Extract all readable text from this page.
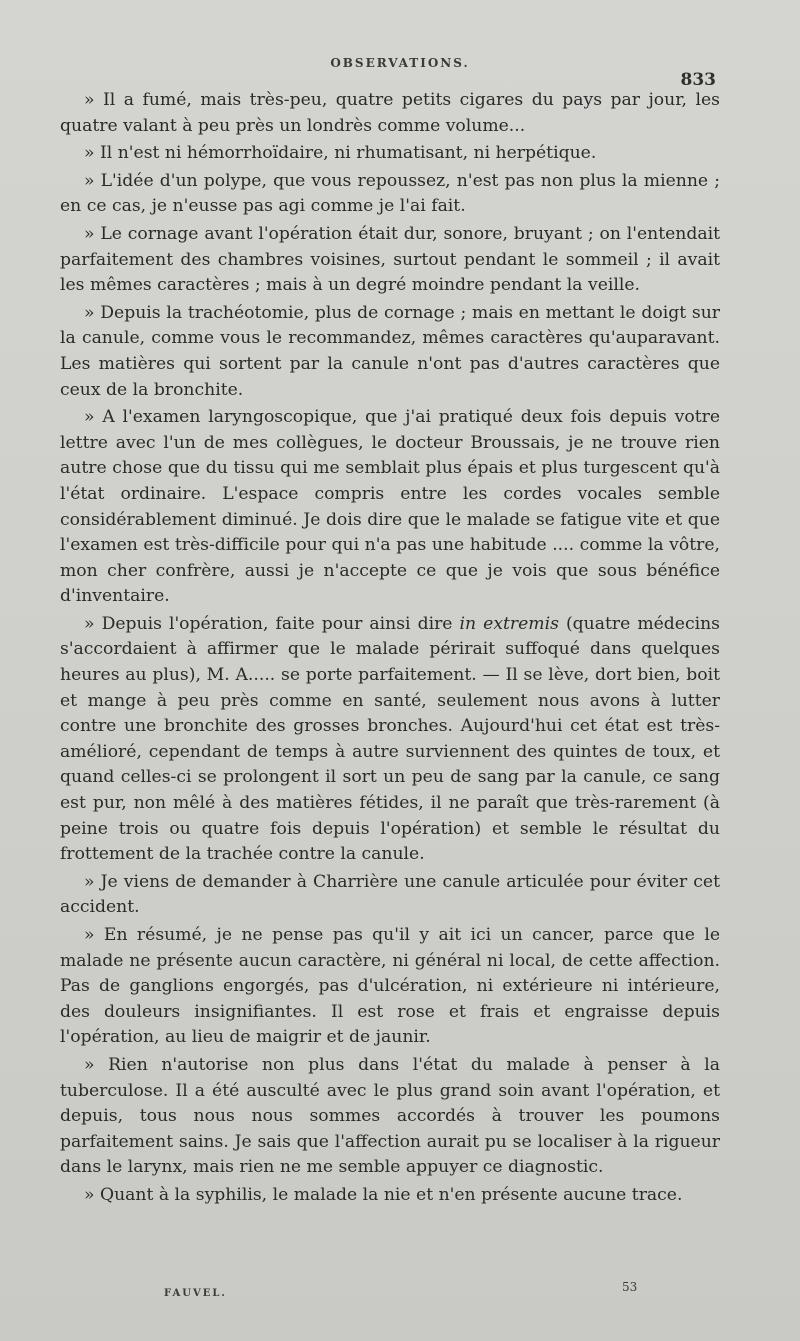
OBSERVATIONS.
833

» Il a fumé, mais très-peu, quatre petits cigares du pays par jour, les quatre valant à peu près un londrès comme volume...

» Il n'est ni hémorrhoïdaire, ni rhumatisant, ni herpétique.

» L'idée d'un polype, que vous repoussez, n'est pas non plus la mienne ; en ce cas, je n'eusse pas agi comme je l'ai fait.

» Le cornage avant l'opération était dur, sonore, bruyant ; on l'entendait parfaitement des chambres voisines, surtout pendant le sommeil ; il avait les mêmes caractères ; mais à un degré moindre pendant la veille.

» Depuis la trachéotomie, plus de cornage ; mais en mettant le doigt sur la canule, comme vous le recommandez, mêmes caractères qu'auparavant. Les matières qui sortent par la canule n'ont pas d'autres caractères que ceux de la bronchite.

» A l'examen laryngoscopique, que j'ai pratiqué deux fois depuis votre lettre avec l'un de mes collègues, le docteur Broussais, je ne trouve rien autre chose que du tissu qui me semblait plus épais et plus turgescent qu'à l'état ordinaire. L'espace compris entre les cordes vocales semble considérablement diminué. Je dois dire que le malade se fatigue vite et que l'examen est très-difficile pour qui n'a pas une habitude .... comme la vôtre, mon cher confrère, aussi je n'accepte ce que je vois que sous bénéfice d'inventaire.

» Depuis l'opération, faite pour ainsi dire in extremis (quatre médecins s'accordaient à affirmer que le malade périrait suffoqué dans quelques heures au plus), M. A..... se porte parfaitement. — Il se lève, dort bien, boit et mange à peu près comme en santé, seulement nous avons à lutter contre une bronchite des grosses bronches. Aujourd'hui cet état est très-amélioré, cependant de temps à autre surviennent des quintes de toux, et quand celles-ci se prolongent il sort un peu de sang par la canule, ce sang est pur, non mêlé à des matières fétides, il ne paraît que très-rarement (à peine trois ou quatre fois depuis l'opération) et semble le résultat du frottement de la trachée contre la canule.

» Je viens de demander à Charrière une canule articulée pour éviter cet accident.

» En résumé, je ne pense pas qu'il y ait ici un cancer, parce que le malade ne présente aucun caractère, ni général ni local, de cette affection. Pas de ganglions engorgés, pas d'ulcération, ni extérieure ni intérieure, des douleurs insignifiantes. Il est rose et frais et engraisse depuis l'opération, au lieu de maigrir et de jaunir.

» Rien n'autorise non plus dans l'état du malade à penser à la tuberculose. Il a été ausculté avec le plus grand soin avant l'opération, et depuis, tous nous nous sommes accordés à trouver les poumons parfaitement sains. Je sais que l'affection aurait pu se localiser à la rigueur dans le larynx, mais rien ne me semble appuyer ce diagnostic.

» Quant à la syphilis, le malade la nie et n'en présente aucune trace.

FAUVEL.	53
